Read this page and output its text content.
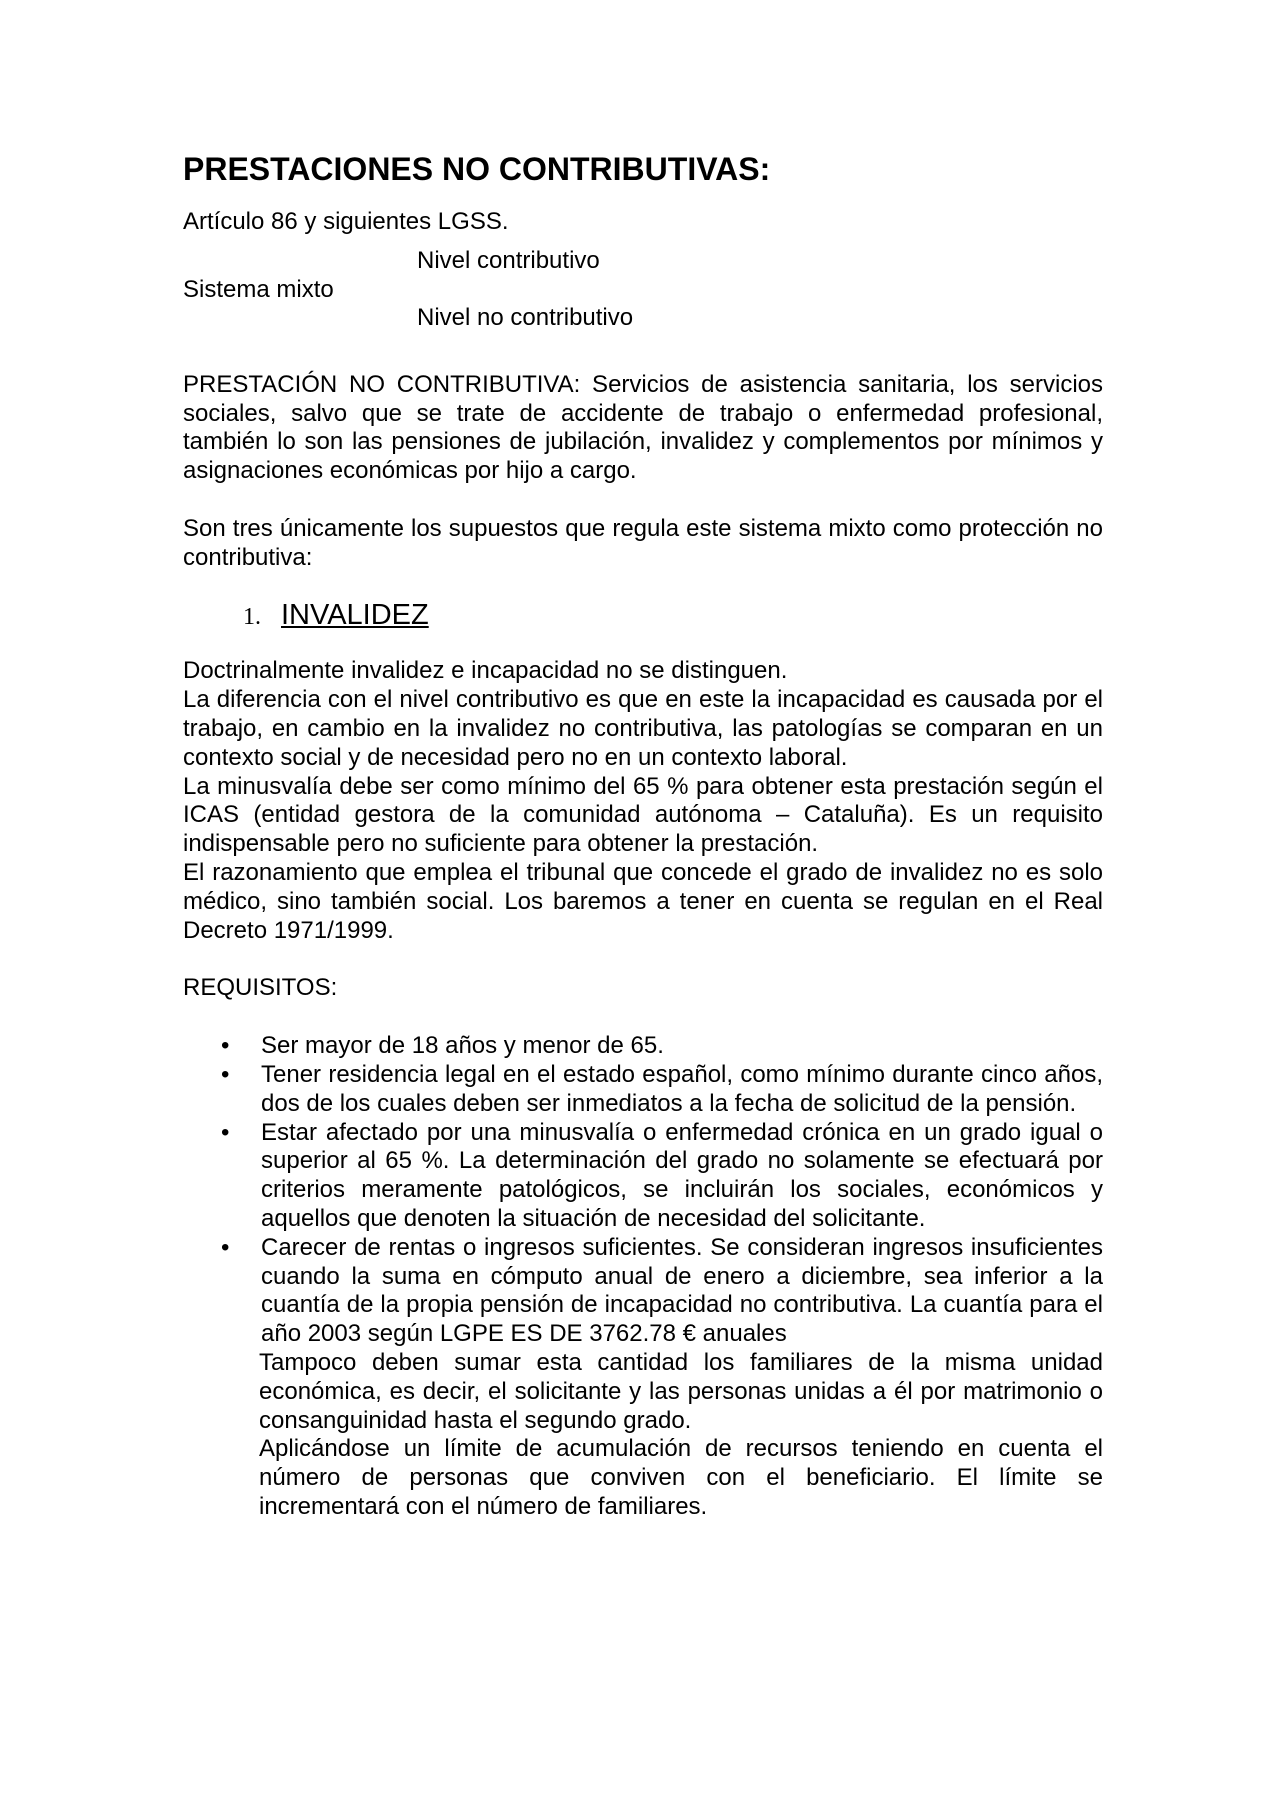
PRESTACIONES NO CONTRIBUTIVAS:

Artículo 86 y siguientes LGSS.

Sistema mixto
Nivel contributivo
Nivel no contributivo

PRESTACIÓN NO CONTRIBUTIVA: Servicios de asistencia sanitaria, los servicios sociales, salvo que se trate de accidente de trabajo o enfermedad profesional, también lo son las pensiones de jubilación, invalidez y complementos por mínimos y asignaciones económicas por hijo a cargo.

Son tres únicamente los supuestos que regula este sistema mixto como protección no contributiva:

1. INVALIDEZ

Doctrinalmente invalidez e incapacidad no se distinguen.

La diferencia con el nivel contributivo es que en este la incapacidad es causada por el trabajo, en cambio en la invalidez no contributiva, las patologías se comparan en un contexto social y de necesidad pero no en un contexto laboral.

La minusvalía debe ser como mínimo del 65 % para obtener esta prestación según el ICAS (entidad gestora de la comunidad autónoma – Cataluña). Es un requisito indispensable pero no suficiente para obtener la prestación.

El razonamiento que emplea el tribunal que concede el grado de invalidez no es solo médico, sino también social. Los baremos a tener en cuenta se regulan en el Real Decreto 1971/1999.

REQUISITOS:

• Ser mayor de 18 años y menor de 65.
• Tener residencia legal en el estado español, como mínimo durante cinco años, dos de los cuales deben ser inmediatos a la fecha de solicitud de la pensión.
• Estar afectado por una minusvalía o enfermedad crónica en un grado igual o superior al 65 %. La determinación del grado no solamente se efectuará por criterios meramente patológicos, se incluirán los sociales, económicos y aquellos que denoten la situación de necesidad del solicitante.
• Carecer de rentas o ingresos suficientes. Se consideran ingresos insuficientes cuando la suma en cómputo anual de enero a diciembre, sea inferior a la cuantía de la propia pensión de incapacidad no contributiva. La cuantía para el año 2003 según LGPE ES DE 3762.78 € anuales

Tampoco deben sumar esta cantidad los familiares de la misma unidad económica, es decir, el solicitante y las personas unidas a él por matrimonio o consanguinidad hasta el segundo grado.

Aplicándose un límite de acumulación de recursos teniendo en cuenta el número de personas que conviven con el beneficiario. El límite se incrementará con el número de familiares.
